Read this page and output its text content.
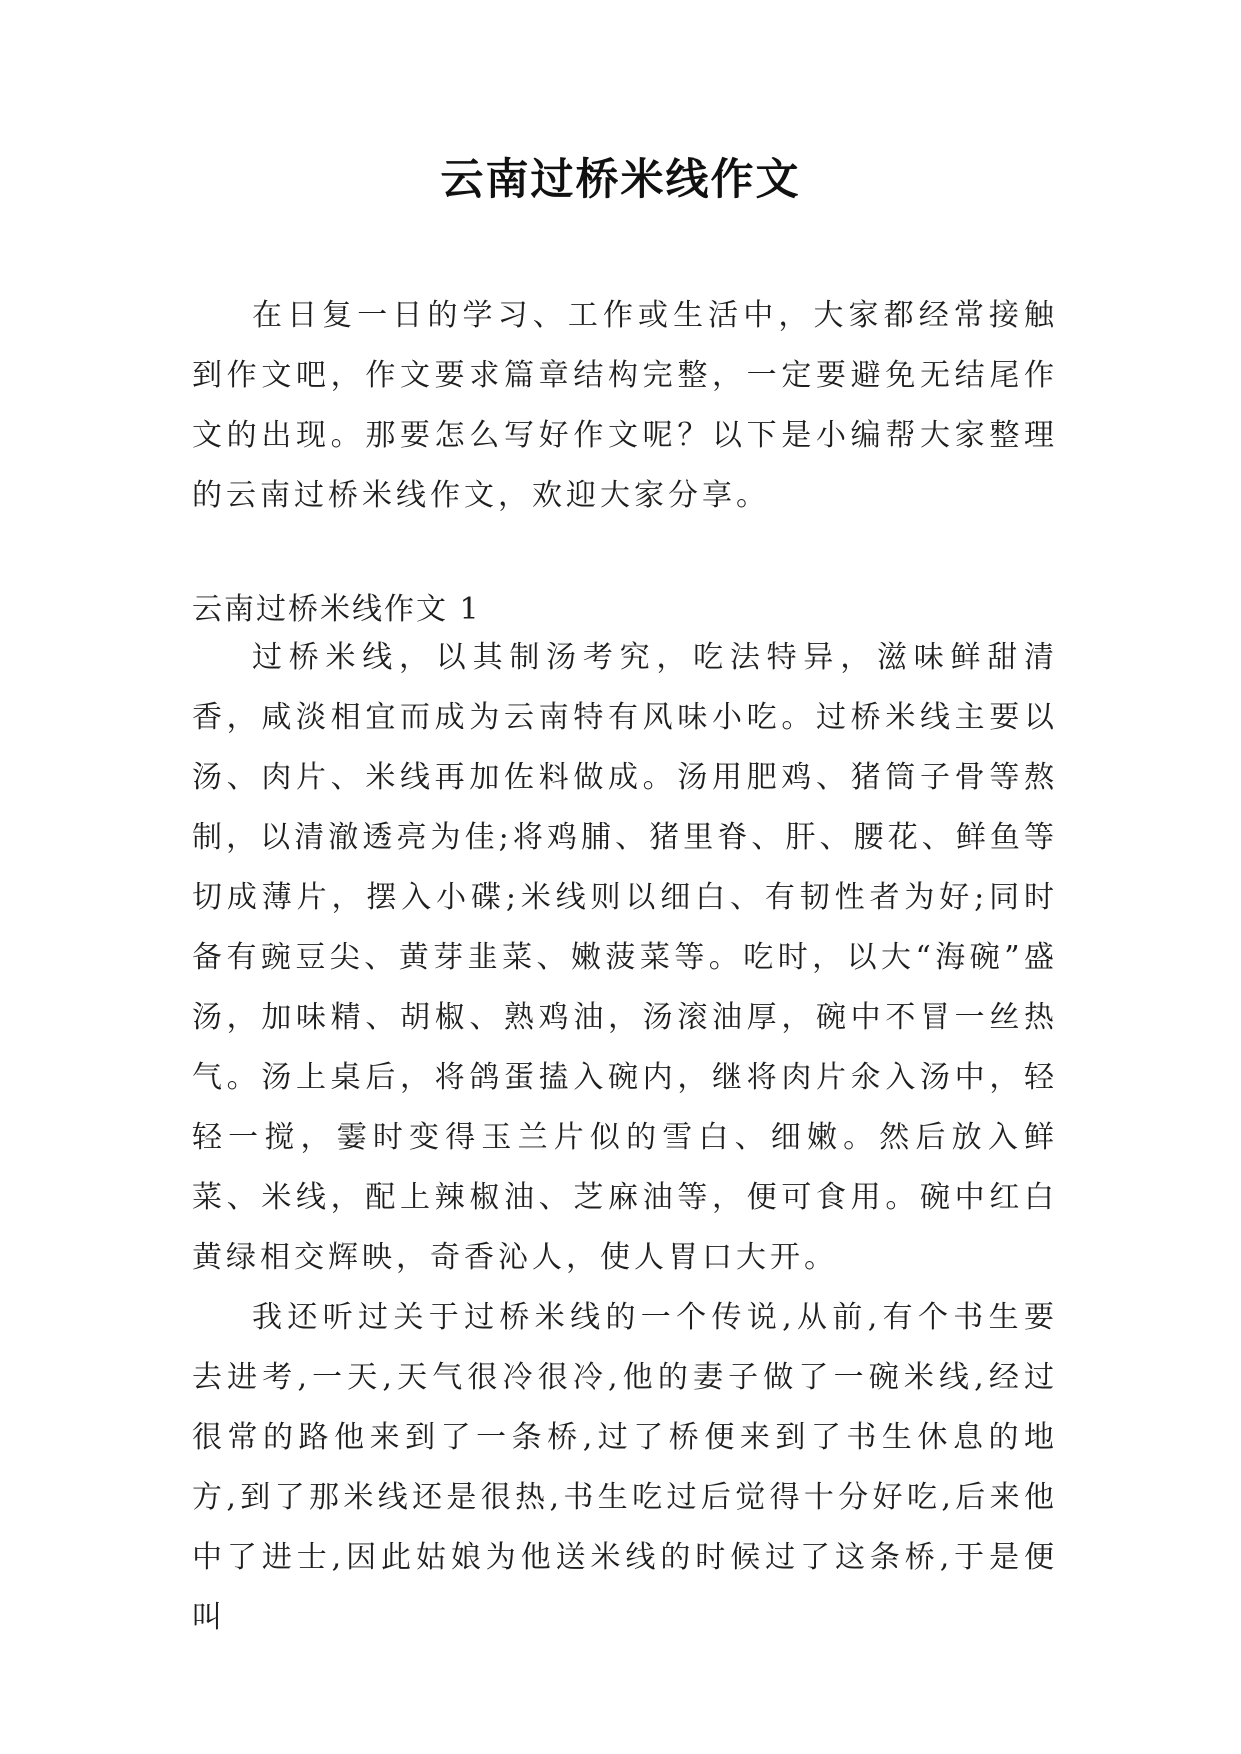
云南过桥米线作文

在日复一日的学习、工作或生活中，大家都经常接触到作文吧，作文要求篇章结构完整，一定要避免无结尾作文的出现。那要怎么写好作文呢？以下是小编帮大家整理的云南过桥米线作文，欢迎大家分享。

云南过桥米线作文 1

过桥米线，以其制汤考究，吃法特异，滋味鲜甜清香，咸淡相宜而成为云南特有风味小吃。过桥米线主要以汤、肉片、米线再加佐料做成。汤用肥鸡、猪筒子骨等熬制，以清澈透亮为佳;将鸡脯、猪里脊、肝、腰花、鲜鱼等切成薄片，摆入小碟;米线则以细白、有韧性者为好;同时备有豌豆尖、黄芽韭菜、嫩菠菜等。吃时，以大“海碗”盛汤，加味精、胡椒、熟鸡油，汤滚油厚，碗中不冒一丝热气。汤上桌后，将鸽蛋搕入碗内，继将肉片氽入汤中，轻轻一搅，霎时变得玉兰片似的雪白、细嫩。然后放入鲜菜、米线，配上辣椒油、芝麻油等，便可食用。碗中红白黄绿相交辉映，奇香沁人，使人胃口大开。

我还听过关于过桥米线的一个传说,从前,有个书生要去进考,一天,天气很冷很冷,他的妻子做了一碗米线,经过很常的路他来到了一条桥,过了桥便来到了书生休息的地方,到了那米线还是很热,书生吃过后觉得十分好吃,后来他中了进士,因此姑娘为他送米线的时候过了这条桥,于是便叫
